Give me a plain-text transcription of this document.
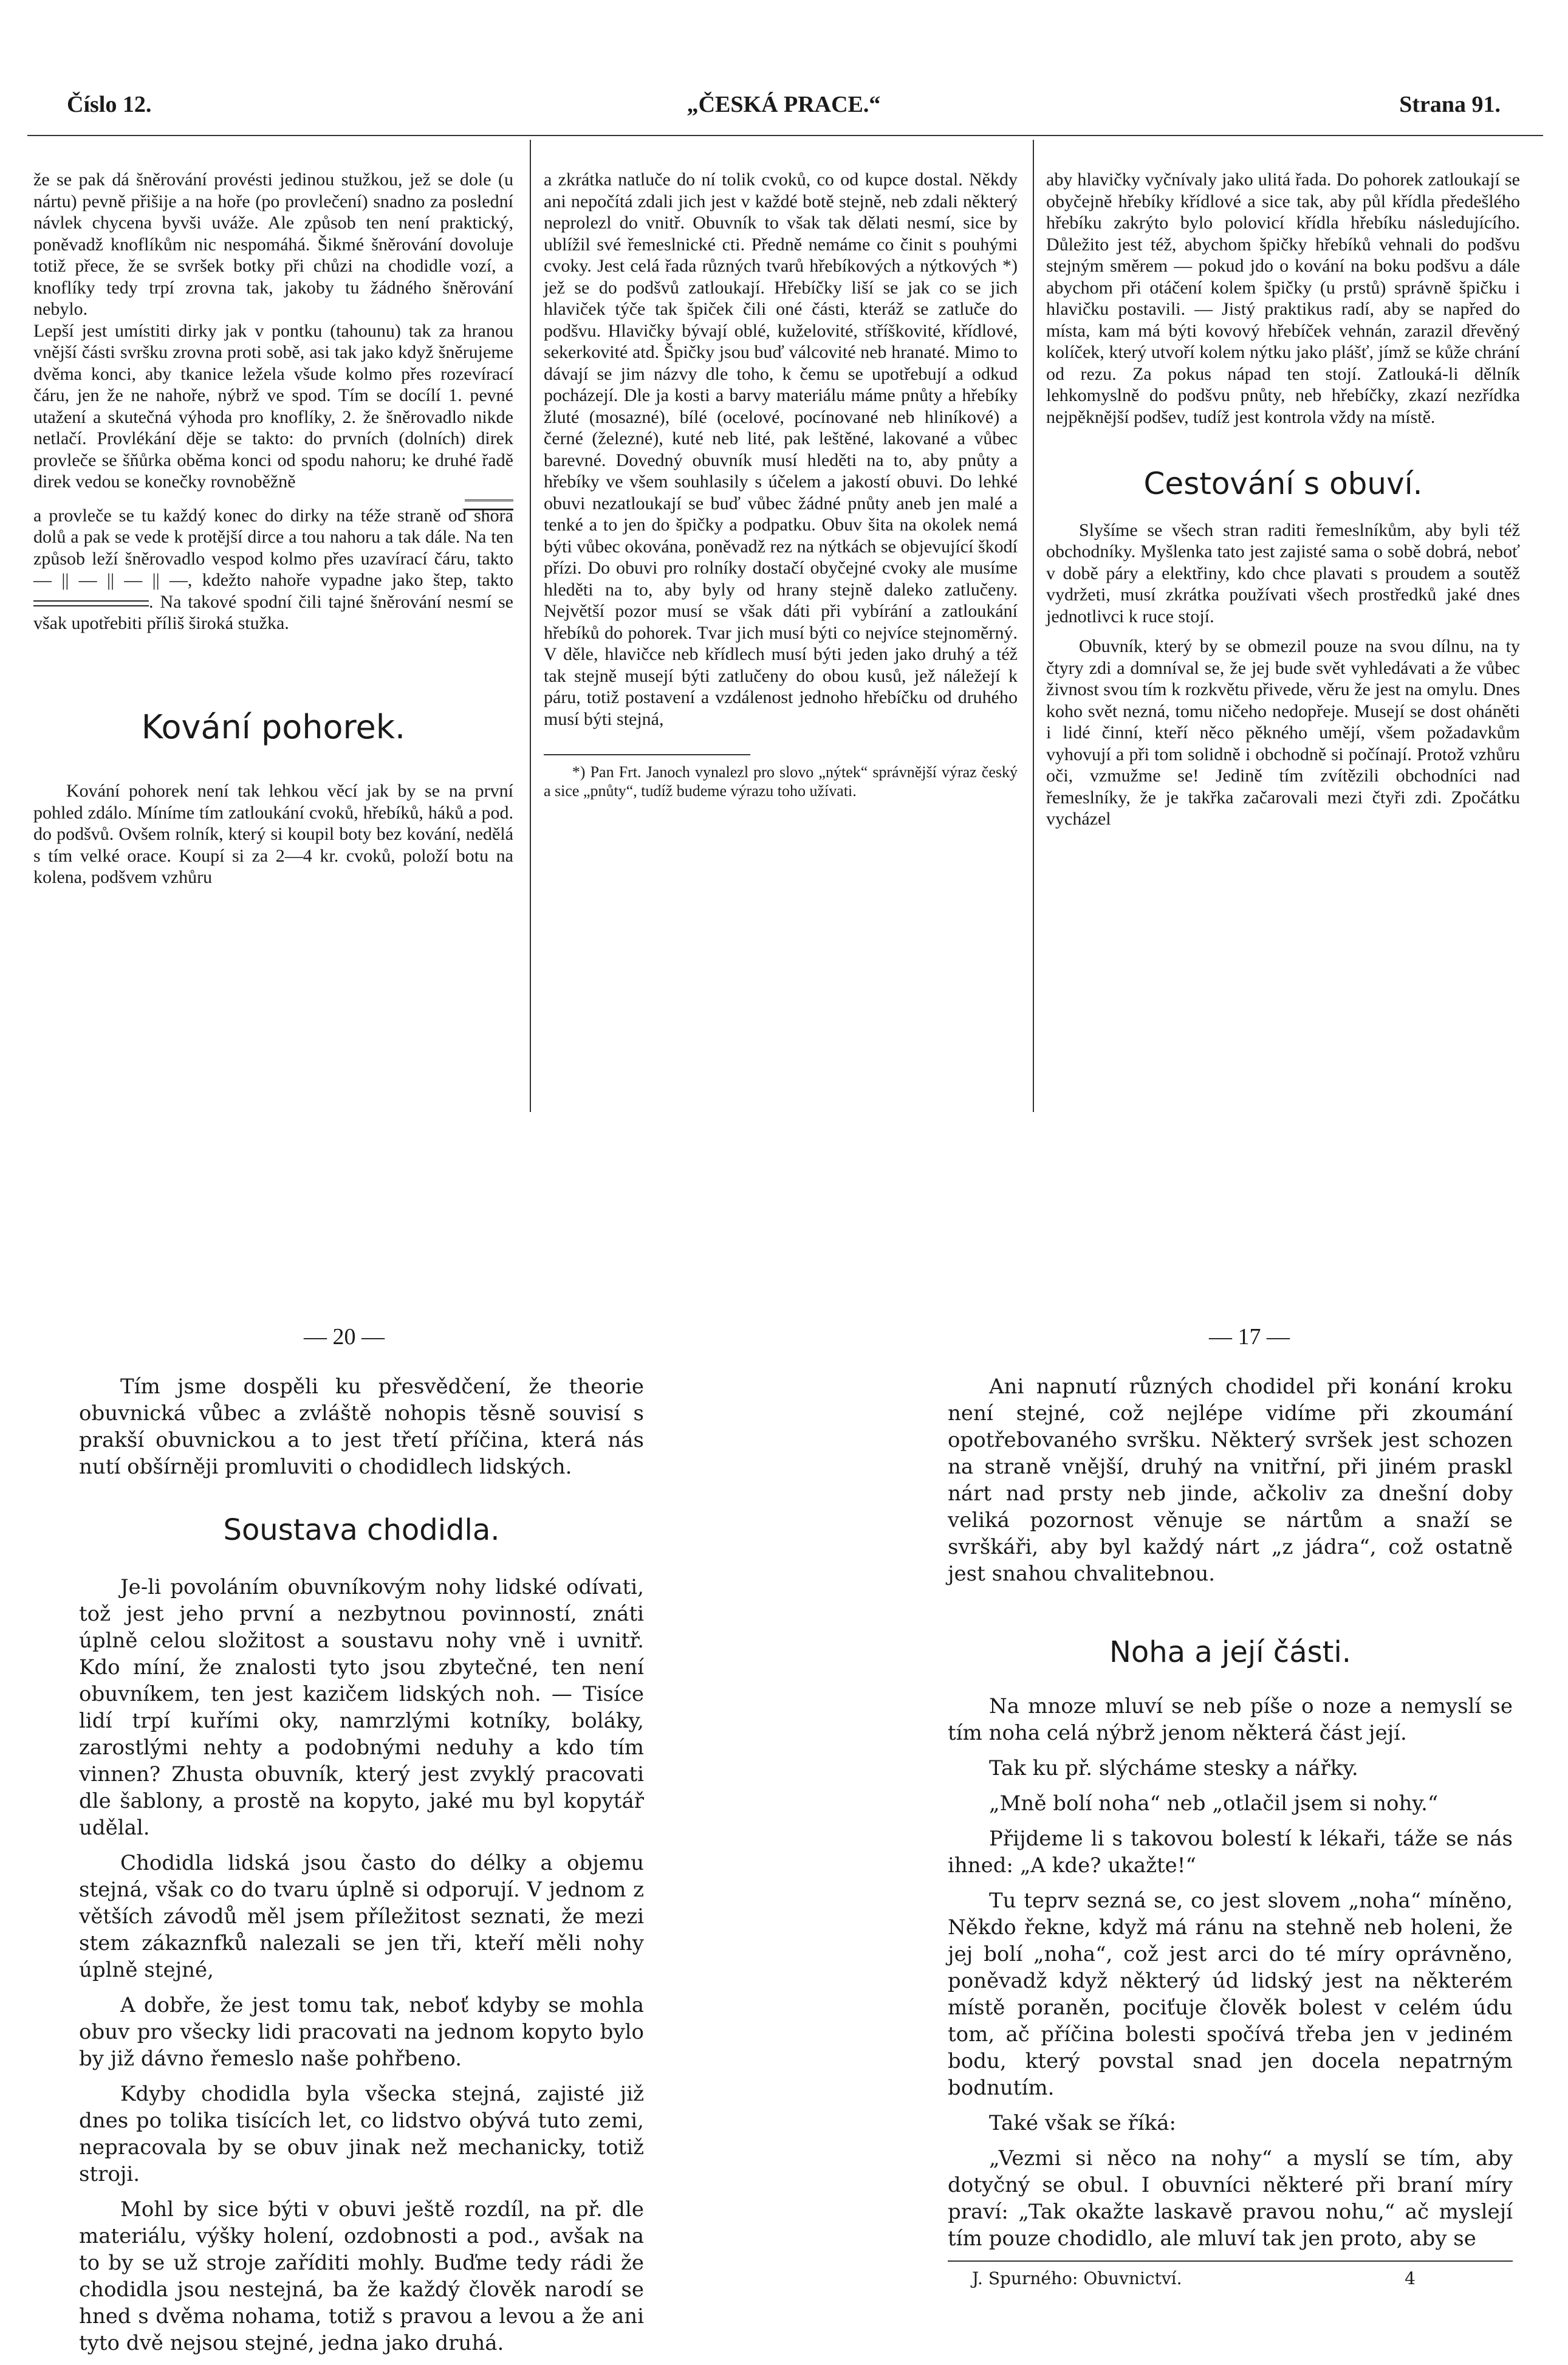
Číslo 12.	„ČESKÁ PRACE.“	Strana 91.

že se pak dá šněrování provésti jedinou stužkou, jež se dole (u nártu) pevně přišije a na hoře (po provlečení) snadno za poslední návlek chycena byvši uváže. Ale způsob ten není praktický, poněvadž knoflíkům nic nespomáhá. Šikmé šněrování dovoluje totiž přece, že se svršek botky při chůzi na chodidle vozí, a knoflíky tedy trpí zrovna tak, jakoby tu žádného šněrování nebylo.

Lepší jest umístiti dirky jak v pontku (tahounu) tak za hranou vnější části svršku zrovna proti sobě, asi tak jako když šněrujeme dvěma konci, aby tkanice ležela všude kolmo přes rozevírací čáru, jen že ne nahoře, nýbrž ve spod. Tím se docílí 1. pevné utažení a skutečná výhoda pro knoflíky, 2. že šněrovadlo nikde netlačí. Provlékání děje se takto: do prvních (dolních) direk provleče se šňůrka oběma konci od spodu nahoru; ke druhé řadě direk vedou se konečky rovnoběžně

a provleče se tu každý konec do dirky na téže straně od shora dolů a pak se vede k protější dirce a tou nahoru a tak dále. Na ten způsob leží šněrovadlo vespod kolmo přes uzavírací čáru, takto — || — || — || —, kdežto nahoře vypadne jako štep, takto . Na takové spodní čili tajné šněrování nesmí se však upotřebiti příliš široká stužka.

Kování pohorek.

Kování pohorek není tak lehkou věcí jak by se na první pohled zdálo. Míníme tím zatloukání cvoků, hřebíků, háků a pod. do podšvů. Ovšem rolník, který si koupil boty bez kování, nedělá s tím velké orace. Koupí si za 2—4 kr. cvoků, položí botu na kolena, podšvem vzhůru

a zkrátka natluče do ní tolik cvoků, co od kupce dostal. Někdy ani nepočítá zdali jich jest v každé botě stejně, neb zdali některý neprolezl do vnitř. Obuvník to však tak dělati nesmí, sice by ublížil své řemeslnické cti. Předně nemáme co činit s pouhými cvoky. Jest celá řada různých tvarů hřebíkových a nýtkových *) jež se do podšvů zatloukají. Hřebíčky liší se jak co se jich hlaviček týče tak špiček čili oné části, kteráž se zatluče do podšvu. Hlavičky bývají oblé, kuželovité, stříškovité, křídlové, sekerkovité atd. Špičky jsou buď válcovité neb hranaté. Mimo to dávají se jim názvy dle toho, k čemu se upotřebují a odkud pocházejí. Dle ja kosti a barvy materiálu máme pnůty a hřebíky žluté (mosazné), bílé (ocelové, pocínované neb hliníkové) a černé (železné), kuté neb lité, pak leštěné, lakované a vůbec barevné. Dovedný obuvník musí hleděti na to, aby pnůty a hřebíky ve všem souhlasily s účelem a jakostí obuvi. Do lehké obuvi nezatloukají se buď vůbec žádné pnůty aneb jen malé a tenké a to jen do špičky a podpatku. Obuv šita na okolek nemá býti vůbec okována, poněvadž rez na nýtkách se objevující škodí přízi. Do obuvi pro rolníky dostačí obyčejné cvoky ale musíme hleděti na to, aby byly od hrany stejně daleko zatlučeny. Největší pozor musí se však dáti při vybírání a zatloukání hřebíků do pohorek. Tvar jich musí býti co nejvíce stejnoměrný. V děle, hlavičce neb křídlech musí býti jeden jako druhý a též tak stejně musejí býti zatlučeny do obou kusů, jež náležejí k páru, totiž postavení a vzdálenost jednoho hřebíčku od druhého musí býti stejná,

*) Pan Frt. Janoch vynalezl pro slovo „nýtek“ správnější výraz český a sice „pnůty“, tudíž budeme výrazu toho užívati.

aby hlavičky vyčnívaly jako ulitá řada. Do pohorek zatloukají se obyčejně hřebíky křídlové a sice tak, aby půl křídla předešlého hřebíku zakrýto bylo polovicí křídla hřebíku následujícího. Důležito jest též, abychom špičky hřebíků vehnali do podšvu stejným směrem — pokud jdo o kování na boku podšvu a dále abychom při otáčení kolem špičky (u prstů) správně špičku i hlavičku postavili. — Jistý praktikus radí, aby se napřed do místa, kam má býti kovový hřebíček vehnán, zarazil dřevěný kolíček, který utvoří kolem nýtku jako plášť, jímž se kůže chrání od rezu. Za pokus nápad ten stojí. Zatlouká-li dělník lehkomyslně do podšvu pnůty, neb hřebíčky, zkazí nezřídka nejpěknější podšev, tudíž jest kontrola vždy na místě.

Cestování s obuví.

Slyšíme se všech stran raditi řemeslníkům, aby byli též obchodníky. Myšlenka tato jest zajisté sama o sobě dobrá, neboť v době páry a elektřiny, kdo chce plavati s proudem a soutěž vydržeti, musí zkrátka používati všech prostředků jaké dnes jednotlivci k ruce stojí.

Obuvník, který by se obmezil pouze na svou dílnu, na ty čtyry zdi a domníval se, že jej bude svět vyhledávati a že vůbec živnost svou tím k rozkvětu přivede, věru že jest na omylu. Dnes koho svět nezná, tomu ničeho nedopřeje. Musejí se dost oháněti i lidé činní, kteří něco pěkného umějí, všem požadavkům vyhovují a při tom solidně i obchodně si počínají. Protož vzhůru oči, vzmužme se! Jedině tím zvítězili obchodníci nad řemeslníky, že je takřka začarovali mezi čtyři zdi. Zpočátku vycházel

— 20 —

Tím jsme dospěli ku přesvědčení, že theorie obuvnická vůbec a zvláště nohopis těsně souvisí s prakší obuvnickou a to jest třetí příčina, která nás nutí obšírněji promluviti o chodidlech lidských.

Soustava chodidla.

Je-li povoláním obuvníkovým nohy lidské odívati, tož jest jeho první a nezbytnou povinností, znáti úplně celou složitost a soustavu nohy vně i uvnitř. Kdo míní, že znalosti tyto jsou zbytečné, ten není obuvníkem, ten jest kazičem lidských noh. — Tisíce lidí trpí kuřími oky, namrzlými kotníky, boláky, zarostlými nehty a podobnými neduhy a kdo tím vinnen? Zhusta obuvník, který jest zvyklý pracovati dle šablony, a prostě na kopyto, jaké mu byl kopytář udělal.

Chodidla lidská jsou často do délky a objemu stejná, však co do tvaru úplně si odporují. V jednom z větších závodů měl jsem příležitost seznati, že mezi stem zákaznfků nalezali se jen tři, kteří měli nohy úplně stejné,

A dobře, že jest tomu tak, neboť kdyby se mohla obuv pro všecky lidi pracovati na jednom kopyto bylo by již dávno řemeslo naše pohřbeno.

Kdyby chodidla byla všecka stejná, zajisté již dnes po tolika tisících let, co lidstvo obývá tuto zemi, nepracovala by se obuv jinak než mechanicky, totiž stroji.

Mohl by sice býti v obuvi ještě rozdíl, na př. dle materiálu, výšky holení, ozdobnosti a pod., avšak na to by se už stroje zaříditi mohly. Buďme tedy rádi že chodidla jsou nestejná, ba že každý člověk narodí se hned s dvěma nohama, totiž s pravou a levou a že ani tyto dvě nejsou stejné, jedna jako druhá.

— 17 —

Ani napnutí různých chodidel při konání kroku není stejné, což nejlépe vidíme při zkoumání opotřebovaného svršku. Některý svršek jest schozen na straně vnější, druhý na vnitřní, při jiném praskl nárt nad prsty neb jinde, ačkoliv za dnešní doby veliká pozornost věnuje se nártům a snaží se svrškáři, aby byl každý nárt „z jádra“, což ostatně jest snahou chvalitebnou.

Noha a její části.

Na mnoze mluví se neb píše o noze a nemyslí se tím noha celá nýbrž jenom některá část její.

Tak ku př. slýcháme stesky a nářky.

„Mně bolí noha“ neb „otlačil jsem si nohy.“

Přijdeme li s takovou bolestí k lékaři, táže se nás ihned: „A kde? ukažte!“

Tu teprv sezná se, co jest slovem „noha“ míněno, Někdo řekne, když má ránu na stehně neb holeni, že jej bolí „noha“, což jest arci do té míry oprávněno, poněvadž když některý úd lidský jest na některém místě poraněn, pociťuje člověk bolest v celém údu tom, ač příčina bolesti spočívá třeba jen v jediném bodu, který povstal snad jen docela nepatrným bodnutím.

Také však se říká:

„Vezmi si něco na nohy“ a myslí se tím, aby dotyčný se obul. I obuvníci některé při braní míry praví: „Tak okažte laskavě pravou nohu,“ ač myslejí tím pouze chodidlo, ale mluví tak jen proto, aby se

J. Spurného: Obuvnictví.	4
